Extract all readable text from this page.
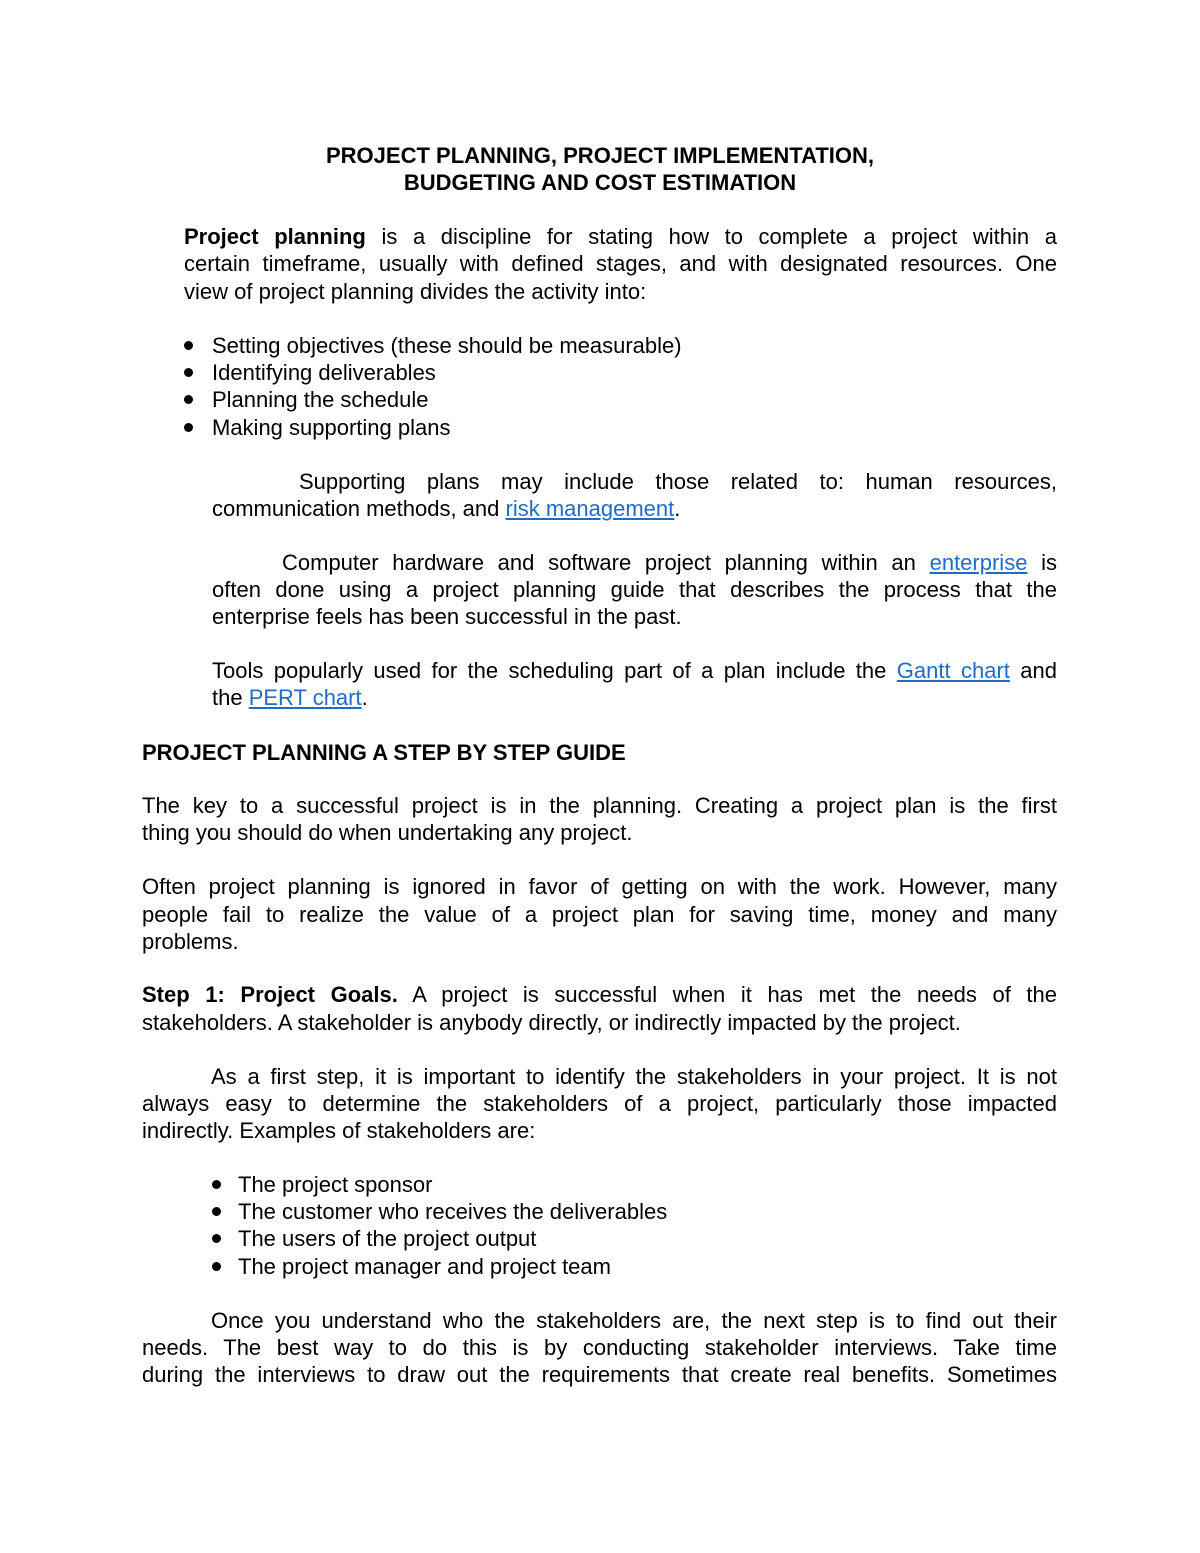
PROJECT PLANNING, PROJECT IMPLEMENTATION,
BUDGETING AND COST ESTIMATION
Project planning is a discipline for stating how to complete a project within a
certain timeframe, usually with defined stages, and with designated resources. One
view of project planning divides the activity into:
Setting objectives (these should be measurable)
Identifying deliverables
Planning the schedule
Making supporting plans
Supporting plans may include those related to: human resources,
communication methods, and risk management.
Computer hardware and software project planning within an enterprise is
often done using a project planning guide that describes the process that the
enterprise feels has been successful in the past.
Tools popularly used for the scheduling part of a plan include the Gantt chart and
the PERT chart.
PROJECT PLANNING A STEP BY STEP GUIDE
The key to a successful project is in the planning. Creating a project plan is the first
thing you should do when undertaking any project.
Often project planning is ignored in favor of getting on with the work. However, many
people fail to realize the value of a project plan for saving time, money and many
problems.
Step 1: Project Goals. A project is successful when it has met the needs of the
stakeholders. A stakeholder is anybody directly, or indirectly impacted by the project.
As a first step, it is important to identify the stakeholders in your project. It is not
always easy to determine the stakeholders of a project, particularly those impacted
indirectly. Examples of stakeholders are:
The project sponsor
The customer who receives the deliverables
The users of the project output
The project manager and project team
Once you understand who the stakeholders are, the next step is to find out their
needs. The best way to do this is by conducting stakeholder interviews. Take time
during the interviews to draw out the requirements that create real benefits. Sometimes
